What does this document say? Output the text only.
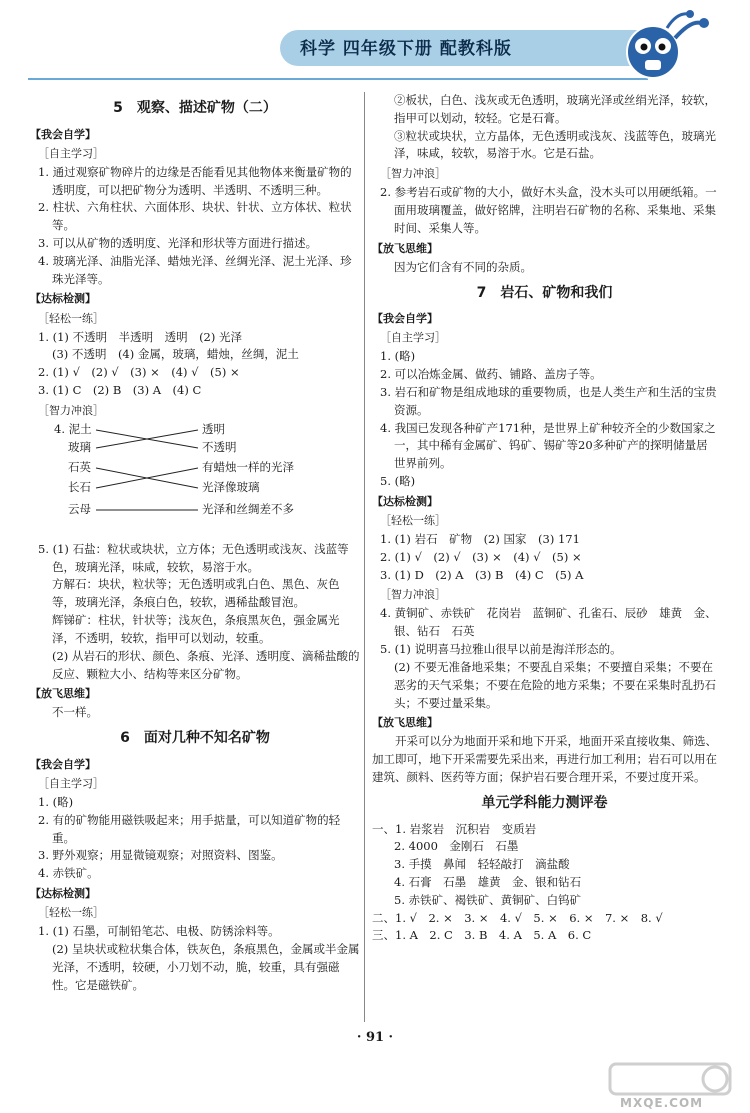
科学 四年级下册 配教科版
5　观察、描述矿物（二）
【我会自学】
［自主学习］

1. 通过观察矿物碎片的边缘是否能看见其他物体来衡量矿物的透明度，可以把矿物分为透明、半透明、不透明三种。

2. 柱状、六角柱状、六面体形、块状、针状、立方体状、粒状等。

3. 可以从矿物的透明度、光泽和形状等方面进行描述。

4. 玻璃光泽、油脂光泽、蜡烛光泽、丝绸光泽、泥土光泽、珍珠光泽等。

【达标检测】
［轻松一练］

1. (1) 不透明　半透明　透明　(2) 光泽

(3) 不透明　(4) 金属，玻璃，蜡烛，丝绸，泥土

2. (1) √　(2) √　(3) ×　(4) √　(5) ×

3. (1) C　(2) B　(3) A　(4) C

［智力冲浪］
4. 泥土
玻璃
石英
长石
云母
透明
不透明
有蜡烛一样的光泽
光泽像玻璃
光泽和丝绸差不多

5. (1) 石盐：粒状或块状，立方体；无色透明或浅灰、浅蓝等色，玻璃光泽，味咸，较软，易溶于水。

方解石：块状，粒状等；无色透明或乳白色、黑色、灰色等，玻璃光泽，条痕白色，较软，遇稀盐酸冒泡。

辉锑矿：柱状，针状等；浅灰色，条痕黑灰色，强金属光泽，不透明，较软，指甲可以划动，较重。

(2) 从岩石的形状、颜色、条痕、光泽、透明度、滴稀盐酸的反应、颗粒大小、结构等来区分矿物。

【放飞思维】

不一样。

6　面对几种不知名矿物
【我会自学】
［自主学习］

1. (略)

2. 有的矿物能用磁铁吸起来；用手掂量，可以知道矿物的轻重。

3. 野外观察；用显微镜观察；对照资料、图鉴。

4. 赤铁矿。

【达标检测】
［轻松一练］

1. (1) 石墨，可制铅笔芯、电极、防锈涂料等。

(2) 呈块状或粒状集合体，铁灰色，条痕黑色，金属或半金属光泽，不透明，较硬，小刀划不动，脆，较重，具有强磁性。它是磁铁矿。

②板状，白色、浅灰或无色透明，玻璃光泽或丝绢光泽，较软，指甲可以划动，较轻。它是石膏。

③粒状或块状，立方晶体，无色透明或浅灰、浅蓝等色，玻璃光泽，味咸，较软，易溶于水。它是石盐。

［智力冲浪］

2. 参考岩石或矿物的大小，做好木头盒，没木头可以用硬纸箱。一面用玻璃覆盖，做好铭牌，注明岩石矿物的名称、采集地、采集时间、采集人等。

【放飞思维】

因为它们含有不同的杂质。

7　岩石、矿物和我们
【我会自学】
［自主学习］

1. (略)

2. 可以冶炼金属、做药、铺路、盖房子等。

3. 岩石和矿物是组成地球的重要物质，也是人类生产和生活的宝贵资源。

4. 我国已发现各种矿产171种，是世界上矿种较齐全的少数国家之一，其中稀有金属矿、钨矿、锡矿等20多种矿产的探明储量居世界前列。

5. (略)

【达标检测】
［轻松一练］

1. (1) 岩石　矿物　(2) 国家　(3) 171

2. (1) √　(2) √　(3) ×　(4) √　(5) ×

3. (1) D　(2) A　(3) B　(4) C　(5) A

［智力冲浪］

4. 黄铜矿、赤铁矿　花岗岩　蓝铜矿、孔雀石、辰砂　雄黄　金、银、钻石　石英

5. (1) 说明喜马拉雅山很早以前是海洋形态的。

(2) 不要无准备地采集；不要乱自采集；不要擅自采集；不要在恶劣的天气采集；不要在危险的地方采集；不要在采集时乱扔石头；不要过量采集。

【放飞思维】

开采可以分为地面开采和地下开采，地面开采直接收集、筛选、加工即可，地下开采需要先采出来，再进行加工利用；岩石可以用在建筑、颜料、医药等方面；保护岩石要合理开采，不要过度开采。

单元学科能力测评卷

一、1. 岩浆岩　沉积岩　变质岩

2. 4000　金刚石　石墨

3. 手摸　鼻闻　轻轻敲打　滴盐酸

4. 石膏　石墨　雄黄　金、银和钻石

5. 赤铁矿、褐铁矿、黄铜矿、白钨矿

二、1. √　2. ×　3. ×　4. √　5. ×　6. ×　7. ×　8. √

三、1. A　2. C　3. B　4. A　5. A　6. C

· 91 ·
MXQE.COM
